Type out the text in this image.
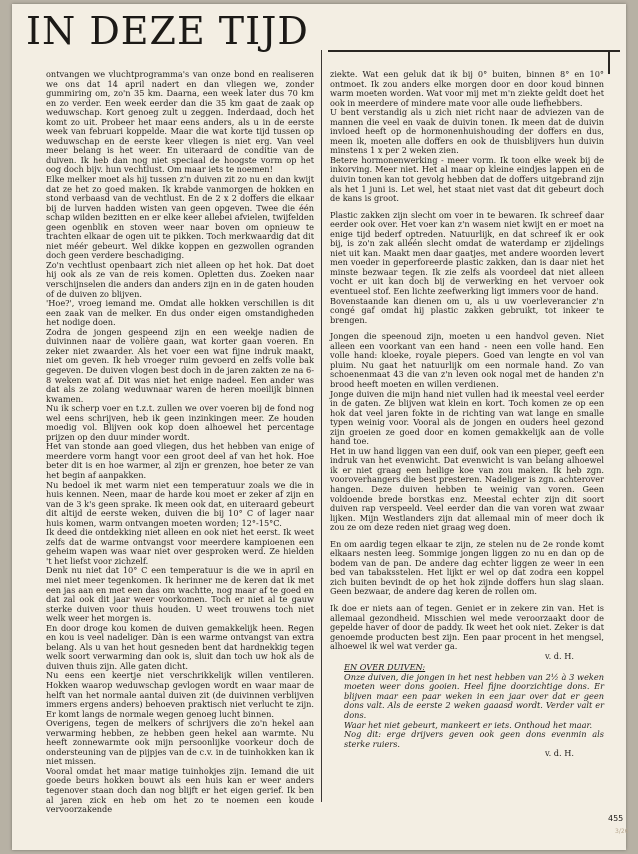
IN DEZE TIJD

ontvangen we vluchtprogramma's van onze bond en realiseren we ons dat 14 april nadert en dan vliegen we, zonder gummiring om, zo'n 35 km. Daarna, een week later dus 70 km en zo verder. Een week eerder dan die 35 km gaat de zaak op weduwschap. Kort genoeg zult u zeggen. Inderdaad, doch het komt zo uit. Probeer het maar eens anders, als u in de eerste week van februari koppelde. Maar die wat korte tijd tussen op weduwschap en de eerste keer vliegen is niet erg. Van veel meer belang is het weer. En uiteraard de conditie van de duiven. Ik heb dan nog niet speciaal de hoogste vorm op het oog doch bijv. hun vechtlust. Om maar iets te noemen!

Elke melker moet als hij tussen z'n duiven zit zo nu en dan kwijt dat ze het zo goed maken. Ik krabde vanmorgen de hokken en stond verbaasd van de vechtlust. En de 2 x 2 doffers die elkaar bij de lurven hadden wisten van geen opgeven. Twee die één schap wilden bezitten en er elke keer allebei afvielen, twijfelden geen ogenblik en stoven weer naar boven om opnieuw te trachten elkaar de ogen uit te pikken. Toch merkwaardig dat dit niet méér gebeurt. Wel dikke koppen en gezwollen ogranden doch geen verdere beschadiging.

Zo'n vechtlust openbaart zich niet alleen op het hok. Dat doet hij ook als ze van de reis komen. Opletten dus. Zoeken naar verschijnselen die anders dan anders zijn en in de gaten houden of de duiven zo blijven.

'Hoe?', vroeg iemand me. Omdat alle hokken verschillen is dit een zaak van de melker. En dus onder eigen omstandigheden het nodige doen.

Zodra de jongen gespeend zijn en een weekje nadien de duivinnen naar de volière gaan, wat korter gaan voeren. En zeker niet zwaarder. Als het voer een wat fijne indruk maakt, niet om geven. Ik heb vroeger ruim gevoerd en zelfs volle bak gegeven. De duiven vlogen best doch in de jaren zakten ze na 6-8 weken wat af. Dit was niet het enige nadeel. Een ander was dat als ze zolang weduwnaar waren de heren moeilijk binnen kwamen.

Nu ik scherp voer en t.z.t. zullen we over voeren bij de fond nog wel eens schrijven, heb ik geen inzinkingen meer. Ze houden moedig vol. Blijven ook kop doen alhoewel het percentage prijzen op den duur minder wordt.

Het van stonde aan goed vliegen, dus het hebben van enige of meerdere vorm hangt voor een groot deel af van het hok. Hoe beter dit is en hoe warmer, al zijn er grenzen, hoe beter ze van het begin af aanpakken.

Nu bedoel ik met warm niet een temperatuur zoals we die in huis kennen. Neen, maar de harde kou moet er zeker af zijn en van de 3 k's geen sprake. Ik meen ook dat, en uiteraard gebeurt dit altijd de eerste weken, duiven die bij 10° C of lager naar huis komen, warm ontvangen moeten worden; 12°-15°C.

Ik deed die ontdekking niet alleen en ook niet het eerst. Ik weet zelfs dat de warme ontvangst voor meerdere kampioenen een geheim wapen was waar niet over gesproken werd. Ze hielden 't het liefst voor zichzelf.

Denk nu niet dat 10° C een temperatuur is die we in april en mei niet meer tegenkomen. Ik herinner me de keren dat ik met een jas aan en met een das om wachtte, nog maar af te goed en dat zal ook dit jaar weer voorkomen. Toch er niet al te gauw sterke duiven voor thuis houden. U weet trouwens toch niet welk weer het morgen is.

En door droge kou komen de duiven gemakkelijk heen. Regen en kou is veel nadeliger. Dàn is een warme ontvangst van extra belang. Als u van het hout gesneden bent dat hardnekkig tegen welk soort verwarming dan ook is, sluit dan toch uw hok als de duiven thuis zijn. Alle gaten dicht.

Nu eens een keertje niet verschrikkelijk willen ventileren. Hokken waarop weduwschap gevlogen wordt en waar maar de helft van het normale aantal duiven zit (de duivinnen verblijven immers ergens anders) behoeven praktisch niet verlucht te zijn. Er komt langs de normale wegen genoeg lucht binnen.

Overigens, tegen de melkers of schrijvers die zo'n hekel aan verwarming hebben, ze hebben geen hekel aan warmte. Nu heeft zonnewarmte ook mijn persoonlijke voorkeur doch de ondersteuning van de pijpjes van de c.v. in de tuinhokken kan ik niet missen.

Vooral omdat het maar matige tuinhokjes zijn. Iemand die uit goede beurs hokken bouwt als een huis kan er weer anders tegenover staan doch dan nog blijft er het eigen gerief. Ik ben al jaren zick en heb om het zo te noemen een koude vervoorzakende

ziekte. Wat een geluk dat ik bij 0° buiten, binnen 8° en 10° ontmoet. Ik zou anders elke morgen door en door koud binnen warm moeten worden. Wat voor mij met m'n ziekte geldt doet het ook in meerdere of mindere mate voor alle oude liefhebbers.

U bent verstandig als u zich niet richt naar de adviezen van de mannen die veel en vaak de duivin tonen. Ik meen dat de duivin invloed heeft op de hormonenhuishouding der doffers en dus, meen ik, moeten alle doffers en ook de thuisblijvers hun duivin minstens 1 x per 2 weken zien.

Betere hormonenwerking - meer vorm. Ik toon elke week bij de inkorving. Meer niet. Het al maar op kleine eindjes lappen en de duivin tonen kan tot gevolg hebben dat de doffers uitgebrand zijn als het 1 juni is. Let wel, het staat niet vast dat dit gebeurt doch de kans is groot.

Plastic zakken zijn slecht om voer in te bewaren. Ik schreef daar eerder ook over. Het voer kan z'n wasem niet kwijt en er moet na enige tijd bederf optreden. Natuurlijk, en dat schreef ik er ook bij, is zo'n zak alléén slecht omdat de waterdamp er zijdelings niet uit kan. Maakt men daar gaatjes, met andere woorden levert men voeder in geperforeerde plastic zakken, dan is daar niet het minste bezwaar tegen. Ik zie zelfs als voordeel dat niet alleen vocht er uit kan doch bij de verwerking en het vervoer ook eventueel stof. Een lichte zeefwerking ligt immers voor de hand.

Bovenstaande kan dienen om u, als u uw voerleverancier z'n congé gaf omdat hij plastic zakken gebruikt, tot inkeer te brengen.

Jongen die speenoud zijn, moeten u een handvol geven. Niet alleen een voorkant van een hand - neen een volle hand. Een volle hand: kloeke, royale piepers. Goed van lengte en vol van pluim. Nu gaat het natuurlijk om een normale hand. Zo van schoenenmaat 43 die van z'n leven ook nogal met de handen z'n brood heeft moeten en willen verdienen.

Jonge duiven die mijn hand niet vullen had ik meestal veel eerder in de gaten. Ze blijven wat klein en kort. Toch komen ze op een hok dat veel jaren fokte in de richting van wat lange en smalle typen weinig voor. Vooral als de jongen en ouders heel gezond zijn groeien ze goed door en komen gemakkelijk aan de volle hand toe.

Het in uw hand liggen van een duif, ook van een pieper, geeft een indruk van het evenwicht. Dat evenwicht is van belang alhoewel ik er niet graag een heilige koe van zou maken. Ik heb zgn. vooroverhangers die best presteren. Nadeliger is zgn. achterover hangen. Deze duiven hebben te weinig van voren. Geen voldoende brede borstkas enz. Meestal echter zijn dit soort duiven rap verspeeld. Veel eerder dan die van voren wat zwaar lijken. Mijn Westlanders zijn dat allemaal min of meer doch ik zou ze om deze reden niet graag weg doen.

En om aardig tegen elkaar te zijn, ze stelen nu de 2e ronde komt elkaars nesten leeg. Sommige jongen liggen zo nu en dan op de bodem van de pan. De andere dag echter liggen ze weer in een bed van tabaksstelen. Het lijkt er wel op dat zodra een koppel zich buiten bevindt de op het hok zijnde doffers hun slag slaan. Geen bezwaar, de andere dag keren de rollen om.

Ik doe er niets aan of tegen. Geniet er in zekere zin van. Het is allemaal gezondheid. Misschien wel mede veroorzaakt door de gepelde haver of door de paddy. Ik weet het ook niet. Zeker is dat genoemde producten best zijn. Een paar procent in het mengsel, alhoewel ik wel wat verder ga.

v. d. H.

EN OVER DUIVEN:

Onze duiven, die jongen in het nest hebben van 2½ à 3 weken moeten weer dons gooien. Heel fijne doorzichtige dons. Er blijven maar een paar weken in een jaar over dat er geen dons valt. Als de eerste 2 weken gaaasd wordt. Verder valt er dons.

Waar het niet gebeurt, mankeert er iets. Onthoud het maar.

Nog dit: erge drijvers geven ook geen dons evenmin als sterke ruiers.

v. d. H.

455
3/26
